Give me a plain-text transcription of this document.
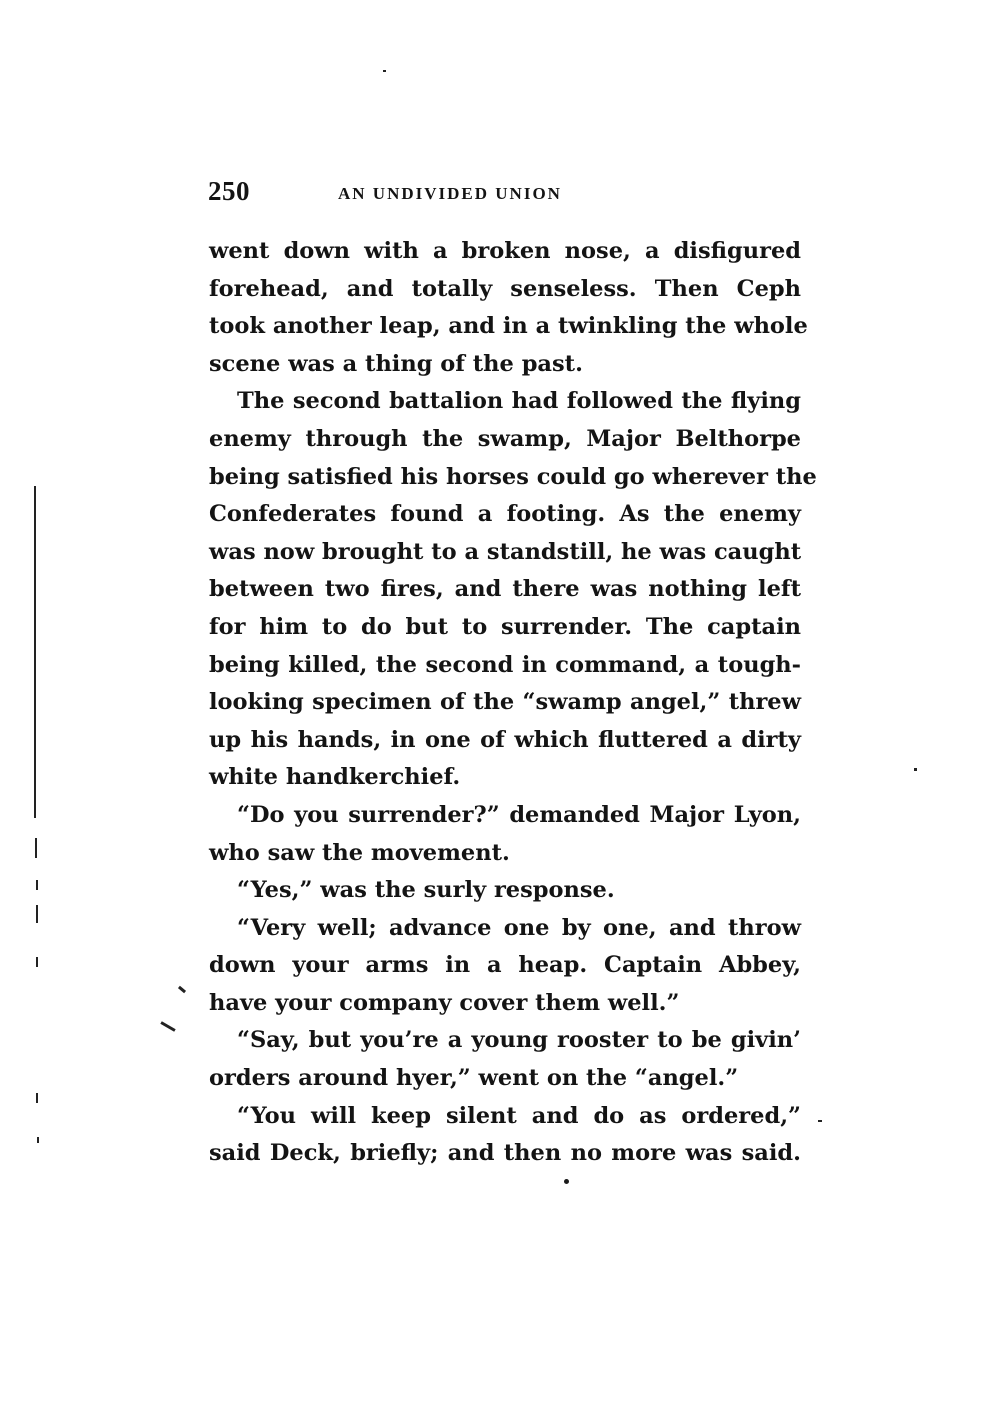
250	AN UNDIVIDED UNION
went down with a broken nose, a disfigured
forehead, and totally senseless. Then Ceph
took another leap, and in a twinkling the whole
scene was a thing of the past.
The second battalion had followed the flying
enemy through the swamp, Major Belthorpe
being satisfied his horses could go wherever the
Confederates found a footing. As the enemy
was now brought to a standstill, he was caught
between two fires, and there was nothing left
for him to do but to surrender. The captain
being killed, the second in command, a tough-
looking specimen of the “swamp angel,” threw
up his hands, in one of which fluttered a dirty
white handkerchief.
“Do you surrender?” demanded Major Lyon,
who saw the movement.
“Yes,” was the surly response.
“Very well; advance one by one, and throw
down your arms in a heap. Captain Abbey,
have your company cover them well.”
“Say, but you’re a young rooster to be givin’
orders around hyer,” went on the “angel.”
“You will keep silent and do as ordered,”
said Deck, briefly; and then no more was said.
